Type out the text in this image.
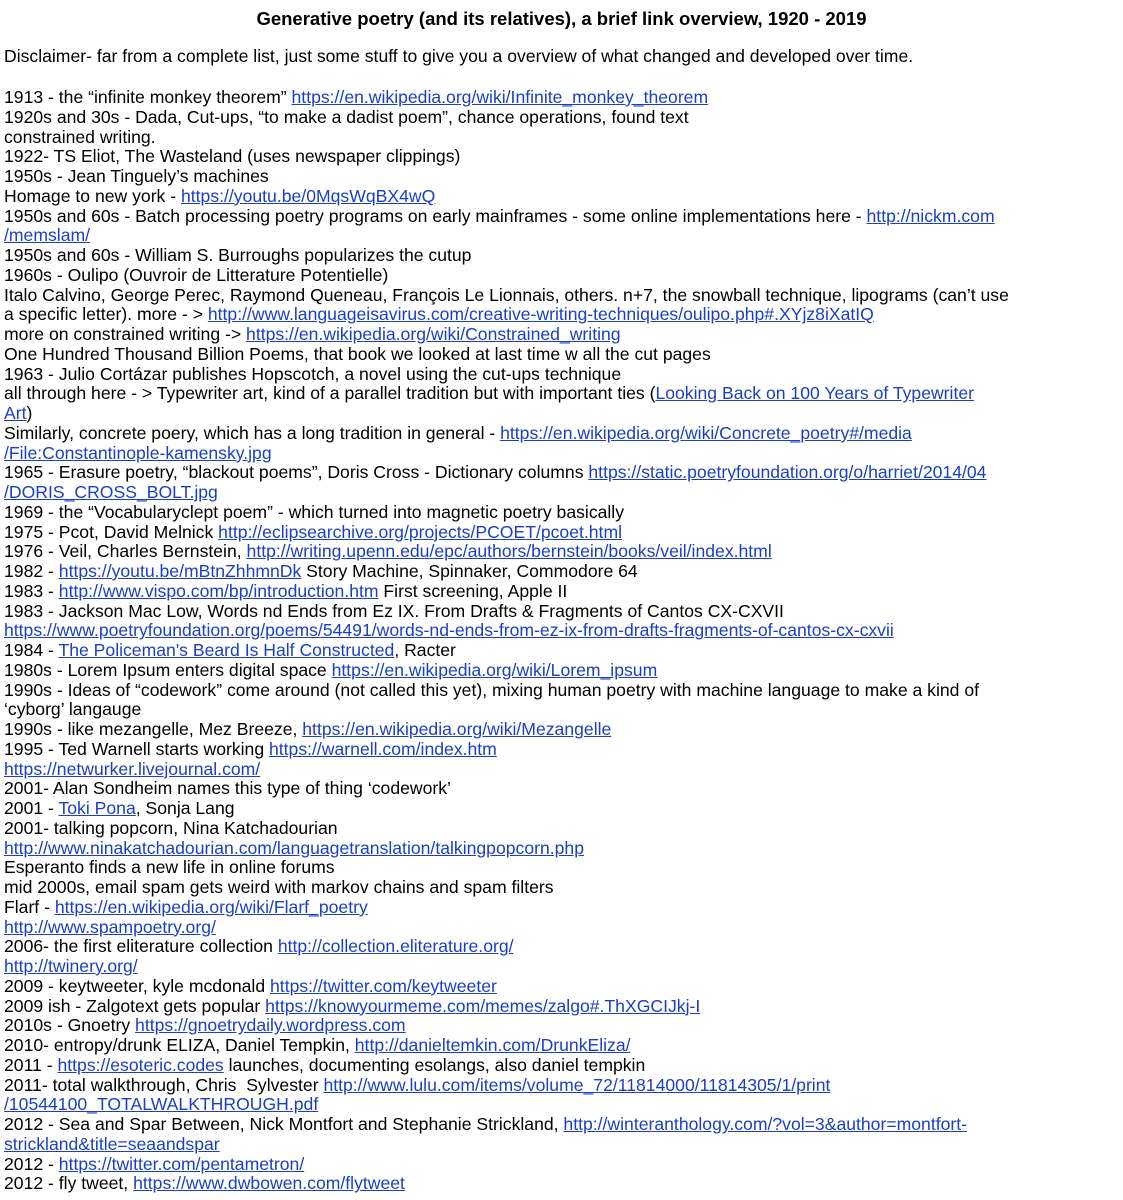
Generative poetry (and its relatives), a brief link overview, 1920 - 2019
Disclaimer- far from a complete list, just some stuff to give you a overview of what changed and developed over time.
1913 - the “infinite monkey theorem” https://en.wikipedia.org/wiki/Infinite_monkey_theorem
1920s and 30s - Dada, Cut-ups, “to make a dadist poem”, chance operations, found text
constrained writing.
1922- TS Eliot, The Wasteland (uses newspaper clippings)
1950s - Jean Tinguely’s machines
Homage to new york - https://youtu.be/0MqsWqBX4wQ
1950s and 60s - Batch processing poetry programs on early mainframes - some online implementations here - http://nickm.com
/memslam/
1950s and 60s - William S. Burroughs popularizes the cutup
1960s - Oulipo (Ouvroir de Litterature Potentielle)
Italo Calvino, George Perec, Raymond Queneau, François Le Lionnais, others. n+7, the snowball technique, lipograms (can’t use
a specific letter). more - > http://www.languageisavirus.com/creative-writing-techniques/oulipo.php#.XYjz8iXatIQ
more on constrained writing -> https://en.wikipedia.org/wiki/Constrained_writing
One Hundred Thousand Billion Poems, that book we looked at last time w all the cut pages
1963 - Julio Cortázar publishes Hopscotch, a novel using the cut-ups technique
all through here - > Typewriter art, kind of a parallel tradition but with important ties (Looking Back on 100 Years of Typewriter
Art)
Similarly, concrete poery, which has a long tradition in general - https://en.wikipedia.org/wiki/Concrete_poetry#/media
/File:Constantinople-kamensky.jpg
1965 - Erasure poetry, “blackout poems”, Doris Cross - Dictionary columns https://static.poetryfoundation.org/o/harriet/2014/04
/DORIS_CROSS_BOLT.jpg
1969 - the “Vocabularyclept poem” - which turned into magnetic poetry basically
1975 - Pcot, David Melnick http://eclipsearchive.org/projects/PCOET/pcoet.html
1976 - Veil, Charles Bernstein, http://writing.upenn.edu/epc/authors/bernstein/books/veil/index.html
1982 - https://youtu.be/mBtnZhhmnDk Story Machine, Spinnaker, Commodore 64
1983 - http://www.vispo.com/bp/introduction.htm First screening, Apple II
1983 - Jackson Mac Low, Words nd Ends from Ez IX. From Drafts & Fragments of Cantos CX-CXVII
https://www.poetryfoundation.org/poems/54491/words-nd-ends-from-ez-ix-from-drafts-fragments-of-cantos-cx-cxvii
1984 - The Policeman's Beard Is Half Constructed, Racter
1980s - Lorem Ipsum enters digital space https://en.wikipedia.org/wiki/Lorem_ipsum
1990s - Ideas of “codework” come around (not called this yet), mixing human poetry with machine language to make a kind of
‘cyborg’ langauge
1990s - like mezangelle, Mez Breeze, https://en.wikipedia.org/wiki/Mezangelle
1995 - Ted Warnell starts working https://warnell.com/index.htm
https://netwurker.livejournal.com/
2001- Alan Sondheim names this type of thing ‘codework’
2001 - Toki Pona, Sonja Lang
2001- talking popcorn, Nina Katchadourian
http://www.ninakatchadourian.com/languagetranslation/talkingpopcorn.php
Esperanto finds a new life in online forums
mid 2000s, email spam gets weird with markov chains and spam filters
Flarf - https://en.wikipedia.org/wiki/Flarf_poetry
http://www.spampoetry.org/
2006- the first eliterature collection http://collection.eliterature.org/
http://twinery.org/
2009 - keytweeter, kyle mcdonald https://twitter.com/keytweeter
2009 ish - Zalgotext gets popular https://knowyourmeme.com/memes/zalgo#.ThXGCIJkj-I
2010s - Gnoetry https://gnoetrydaily.wordpress.com
2010- entropy/drunk ELIZA, Daniel Tempkin, http://danieltemkin.com/DrunkEliza/
2011 - https://esoteric.codes launches, documenting esolangs, also daniel tempkin
2011- total walkthrough, Chris  Sylvester http://www.lulu.com/items/volume_72/11814000/11814305/1/print
/10544100_TOTALWALKTHROUGH.pdf
2012 - Sea and Spar Between, Nick Montfort and Stephanie Strickland, http://winteranthology.com/?vol=3&author=montfort-
strickland&title=seaandspar
2012 - https://twitter.com/pentametron/
2012 - fly tweet, https://www.dwbowen.com/flytweet
